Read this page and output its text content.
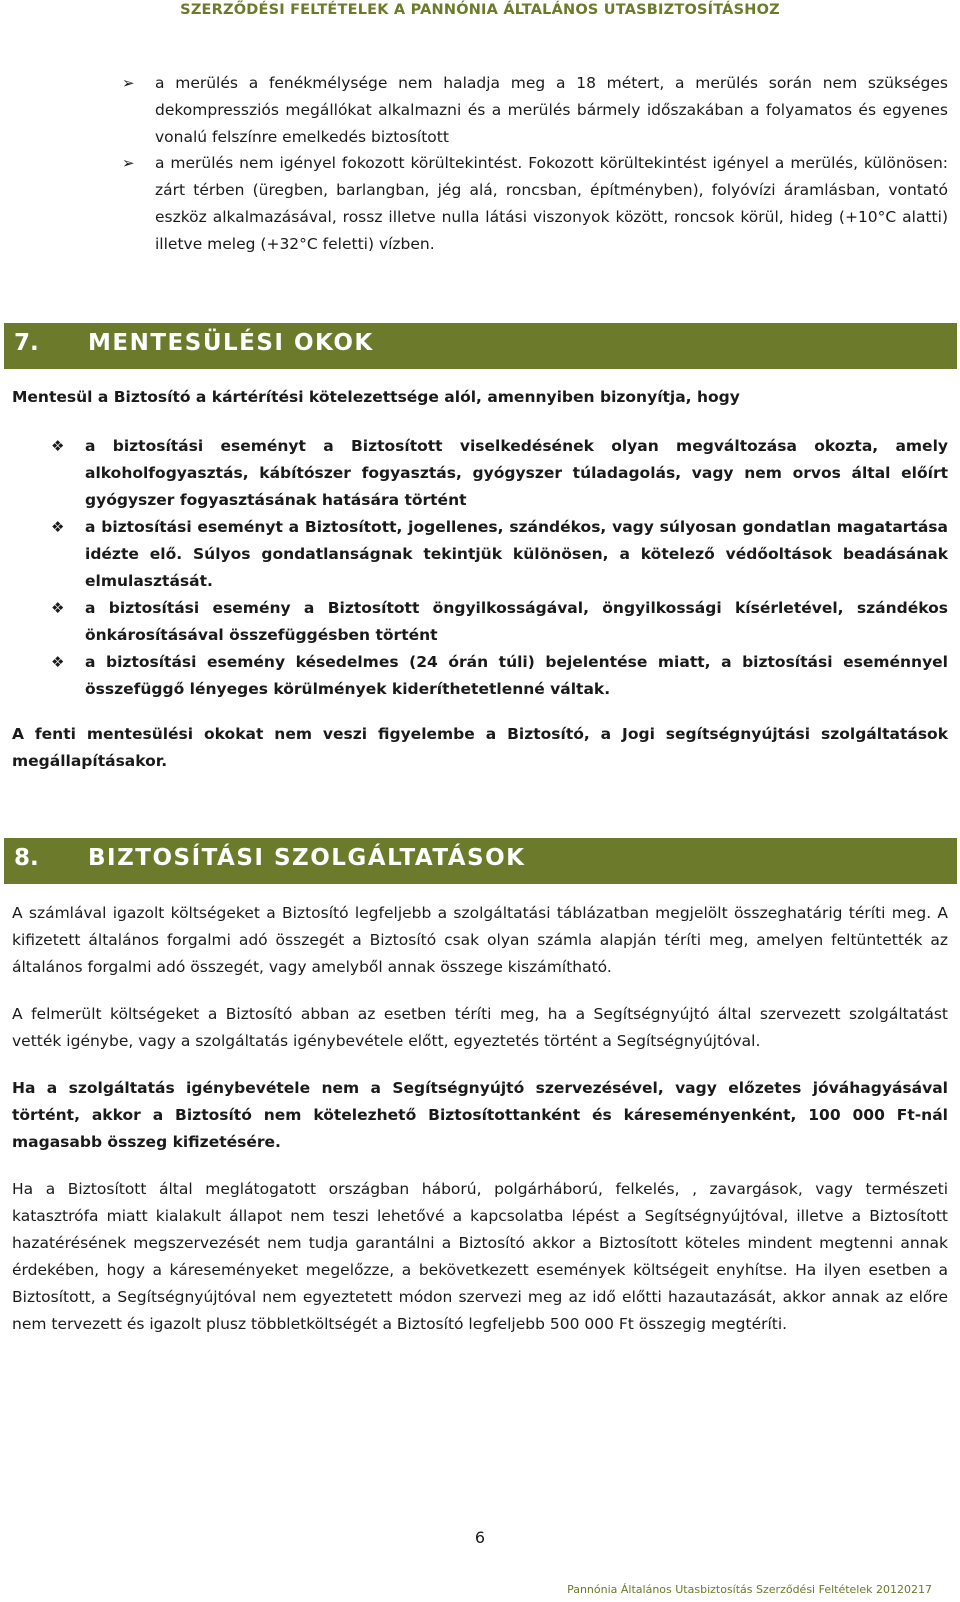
SZERZŐDÉSI FELTÉTELEK A PANNÓNIA ÁLTALÁNOS UTASBIZTOSÍTÁSHOZ
➢	a merülés a fenékmélysége nem haladja meg a 18 métert, a merülés során nem szükséges dekompressziós megállókat alkalmazni és a merülés bármely időszakában a folyamatos és egyenes vonalú felszínre emelkedés biztosított
➢	a merülés nem igényel fokozott körültekintést. Fokozott körültekintést igényel a merülés, különösen: zárt térben (üregben, barlangban, jég alá, roncsban, építményben), folyóvízi áramlásban, vontató eszköz alkalmazásával, rossz illetve nulla látási viszonyok között, roncsok körül, hideg (+10°C alatti) illetve meleg (+32°C feletti) vízben.
7. MENTESÜLÉSI OKOK

Mentesül a Biztosító a kártérítési kötelezettsége alól, amennyiben bizonyítja, hogy

❖ a biztosítási eseményt a Biztosított viselkedésének olyan megváltozása okozta, amely alkoholfogyasztás, kábítószer fogyasztás, gyógyszer túladagolás, vagy nem orvos által előírt gyógyszer fogyasztásának hatására történt
❖ a biztosítási eseményt a Biztosított, jogellenes, szándékos, vagy súlyosan gondatlan magatartása idézte elő. Súlyos gondatlanságnak tekintjük különösen, a kötelező védőoltások beadásának elmulasztását.
❖ a biztosítási esemény a Biztosított öngyilkosságával, öngyilkossági kísérletével, szándékos önkárosításával összefüggésben történt
❖ a biztosítási esemény késedelmes (24 órán túli) bejelentése miatt, a biztosítási eseménnyel összefüggő lényeges körülmények kideríthetetlenné váltak.

A fenti mentesülési okokat nem veszi figyelembe a Biztosító, a Jogi segítségnyújtási szolgáltatások megállapításakor.

8. BIZTOSÍTÁSI SZOLGÁLTATÁSOK

A számlával igazolt költségeket a Biztosító legfeljebb a szolgáltatási táblázatban megjelölt összeghatárig téríti meg. A kifizetett általános forgalmi adó összegét a Biztosító csak olyan számla alapján téríti meg, amelyen feltüntették az általános forgalmi adó összegét, vagy amelyből annak összege kiszámítható.

A felmerült költségeket a Biztosító abban az esetben téríti meg, ha a Segítségnyújtó által szervezett szolgáltatást vették igénybe, vagy a szolgáltatás igénybevétele előtt, egyeztetés történt a Segítségnyújtóval.

Ha a szolgáltatás igénybevétele nem a Segítségnyújtó szervezésével, vagy előzetes jóváhagyásával történt, akkor a Biztosító nem kötelezhető Biztosítottanként és káreseményenként, 100 000 Ft-nál magasabb összeg kifizetésére.

Ha a Biztosított által meglátogatott országban háború, polgárháború, felkelés, , zavargások, vagy természeti katasztrófa miatt kialakult állapot nem teszi lehetővé a kapcsolatba lépést a Segítségnyújtóval, illetve a Biztosított hazatérésének megszervezését nem tudja garantálni a Biztosító akkor a Biztosított köteles mindent megtenni annak érdekében, hogy a káreseményeket megelőzze, a bekövetkezett események költségeit enyhítse. Ha ilyen esetben a Biztosított, a Segítségnyújtóval nem egyeztetett módon szervezi meg az idő előtti hazautazását, akkor annak az előre nem tervezett és igazolt plusz többletköltségét a Biztosító legfeljebb 500 000 Ft összegig megtéríti.

6
Pannónia Általános Utasbiztosítás Szerződési Feltételek 20120217
